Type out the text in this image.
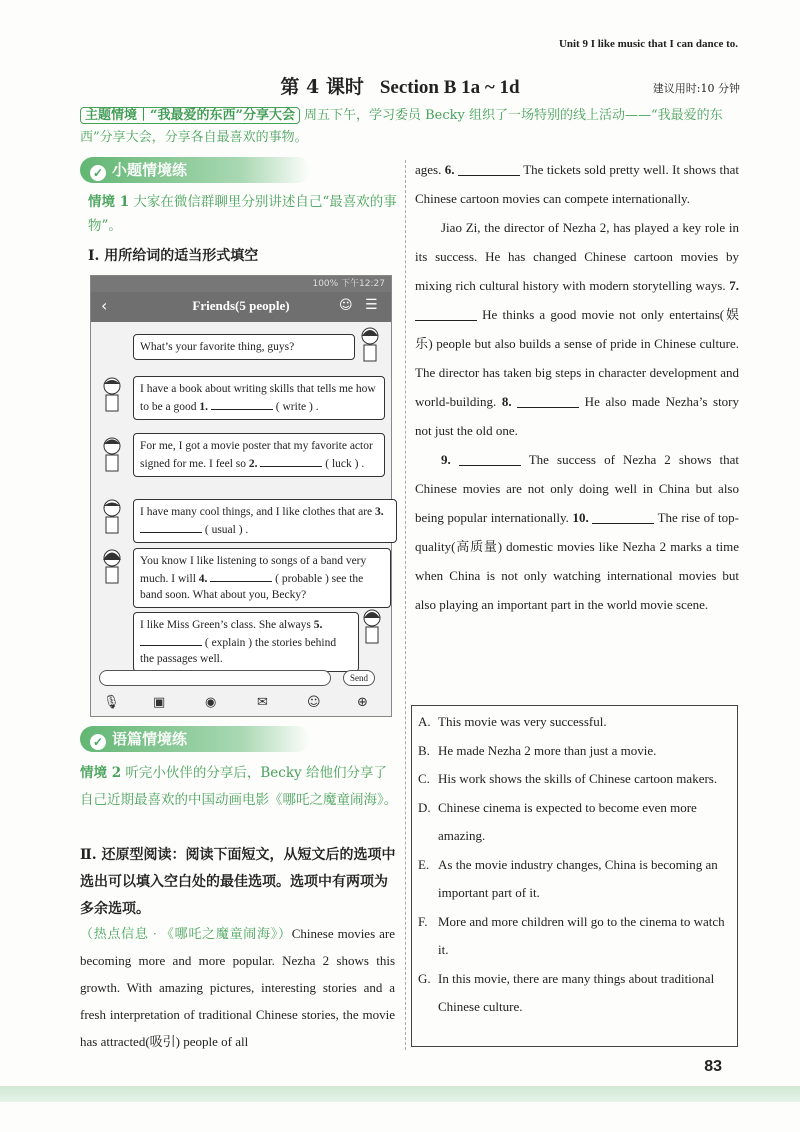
Unit 9 I like music that I can dance to.
第 4 课时 Section B 1a ~ 1d	建议用时:10 分钟
主题情境｜“我最爱的东西”分享大会 周五下午，学习委员 Becky 组织了一场特别的线上活动——“我最爱的东西”分享大会，分享各自最喜欢的事物。
✓ 小题情境练
情境 1 大家在微信群聊里分别讲述自己“最喜欢的事物”。
Ⅰ. 用所给词的适当形式填空
100% 下午12:27
‹	Friends(5 people)	☺ ☰
What’s your favorite thing, guys?
I have a book about writing skills that tells me how to be a good 1.	( write ) .
For me, I got a movie poster that my favorite actor signed for me. I feel so 2.	( luck ) .
I have many cool things, and I like clothes that are 3.  ( usual ) .
You know I like listening to songs of a band very much. I will 4.	( probable ) see the band soon. What about you, Becky?
I like Miss Green’s class. She always 5.  ( explain ) the stories behind the passages well.
Send
🎙	▣	◉	✉	☺	⊕
✓ 语篇情境练
情境 2 听完小伙伴的分享后，Becky 给他们分享了自己近期最喜欢的中国动画电影《哪吒之魔童闹海》。
Ⅱ. 还原型阅读：阅读下面短文，从短文后的选项中选出可以填入空白处的最佳选项。选项中有两项为多余选项。
（热点信息 · 《哪吒之魔童闹海》）Chinese movies are becoming more and more popular. Nezha 2 shows this growth. With amazing pictures, interesting stories and a fresh interpretation of traditional Chinese stories, the movie has attracted(吸引) people of all

ages. 6.	The tickets sold pretty well. It shows that Chinese cartoon movies can compete internationally.

Jiao Zi, the director of Nezha 2, has played a key role in its success. He has changed Chinese cartoon movies by mixing rich cultural history with modern storytelling ways. 7.  He thinks a good movie not only entertains(娱乐) people but also builds a sense of pride in Chinese culture. The director has taken big steps in character development and world-building. 8.	He also made Nezha’s story not just the old one.

9.	The success of Nezha 2 shows that Chinese movies are not only doing well in China but also being popular internationally. 10.	The rise of top-quality(高质量) domestic movies like Nezha 2 marks a time when China is not only watching international movies but also playing an important part in the world movie scene.

A. This movie was very successful.
B. He made Nezha 2 more than just a movie.
C. His work shows the skills of Chinese cartoon makers.
D. Chinese cinema is expected to become even more amazing.
E. As the movie industry changes, China is becoming an important part of it.
F. More and more children will go to the cinema to watch it.
G. In this movie, there are many things about traditional Chinese culture.
83
